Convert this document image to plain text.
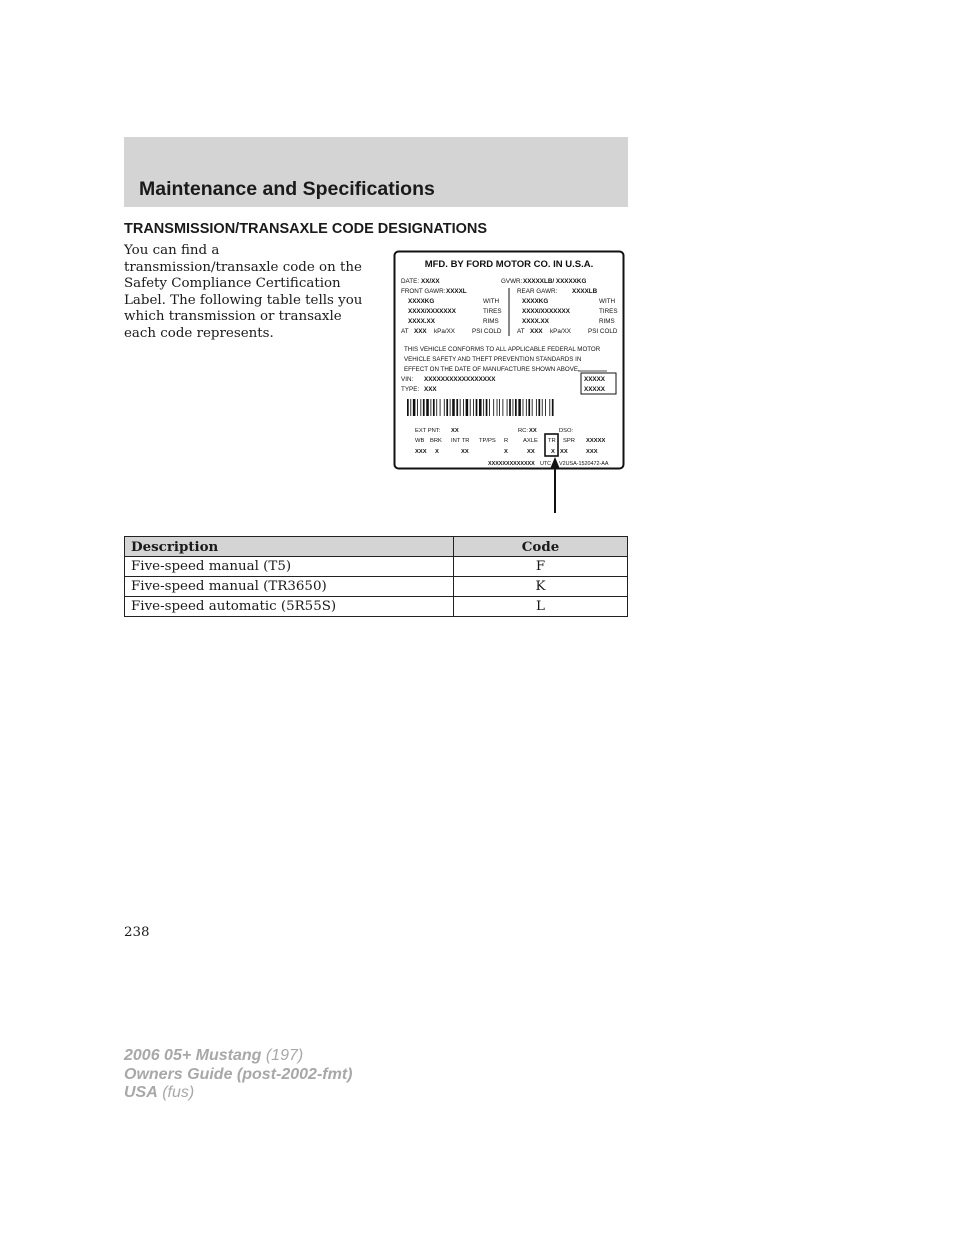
Maintenance and Specifications
TRANSMISSION/TRANSAXLE CODE DESIGNATIONS
You can find a
transmission/transaxle code on the
Safety Compliance Certification
Label. The following table tells you
which transmission or transaxle
each code represents.
MFD. BY FORD MOTOR CO. IN U.S.A.
DATE: XX/XX	GVWR: XXXXXLB/ XXXXXKG
FRONT GAWR: XXXXL	REAR GAWR: XXXXLB
XXXXKG	WITH	XXXXKG	WITH
XXXX/XXXXXXX	TIRES	XXXX/XXXXXXX	TIRES
XXXX.XX	RIMS	XXXX.XX	RIMS
AT XXX kPa/XX	PSI COLD AT XXX kPa/XX	PSI COLD
THIS VEHICLE CONFORMS TO ALL APPLICABLE FEDERAL MOTOR
VEHICLE SAFETY AND THEFT PREVENTION STANDARDS IN
EFFECT ON THE DATE OF MANUFACTURE SHOWN ABOVE.
VIN: XXXXXXXXXXXXXXXXX
TYPE: XXX
XXXXX
XXXXX
EXT PNT: XX	RC: XX	DSO:
WB BRK INT TR TP/PS R	AXLE TR SPR XXXXX
XXX X	XX	X	XX	X XX	XXX
XXXXXXXXXXXXX UTC V2USA-1520472-AA
Description	Code
Five-speed manual (T5)	F
Five-speed manual (TR3650)	K
Five-speed automatic (5R55S)	L
238
2006 05+ Mustang (197)
Owners Guide (post-2002-fmt)
USA (fus)
